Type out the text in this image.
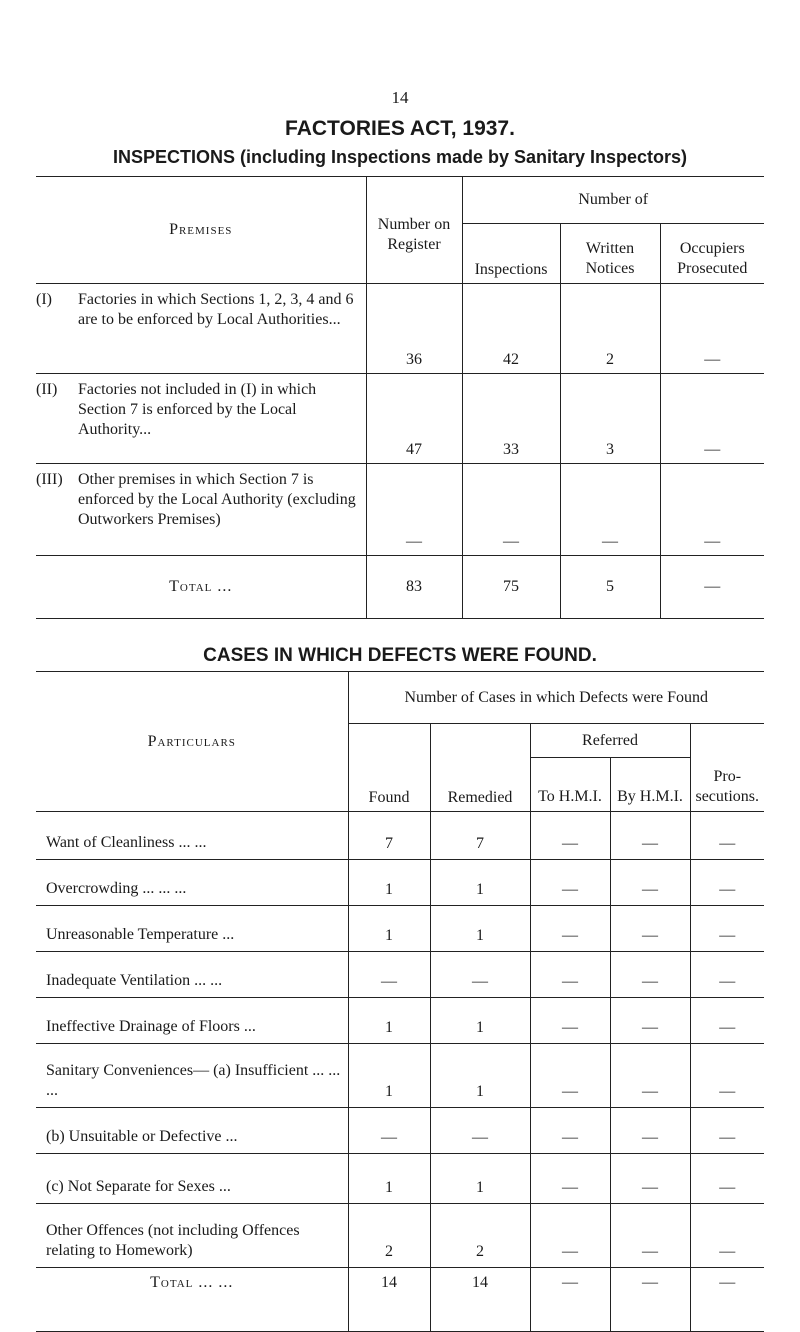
14
FACTORIES ACT, 1937.
INSPECTIONS (including Inspections made by Sanitary Inspectors)
Premises	Number on Register	Number of		
		Inspections	Written Notices	Occupiers Prosecuted
(I) Factories in which Sections 1, 2, 3, 4 and 6 are to be enforced by Local Authorities...	36	42	2	—
(II) Factories not included in (I) in which Section 7 is enforced by the Local Authority...	47	33	3	—
(III) Other premises in which Section 7 is enforced by the Local Authority (excluding Outworkers Premises)	—	—	—	—
Total ...	83	75	5	—
CASES IN WHICH DEFECTS WERE FOUND.
Particulars	Number of Cases in which Defects were Found				
	Found	Remedied	Referred		Pro- secutions.
			To H.M.I.	By H.M.I.	
Want of Cleanliness ... ...	7	7	—	—	—
Overcrowding ... ... ...	1	1	—	—	—
Unreasonable Temperature ...	1	1	—	—	—
Inadequate Ventilation ... ...	—	—	—	—	—
Ineffective Drainage of Floors ...	1	1	—	—	—
Sanitary Conveniences— (a) Insufficient ... ... ...	1	1	—	—	—
(b) Unsuitable or Defective ...	—	—	—	—	—
(c) Not Separate for Sexes ...	1	1	—	—	—
Other Offences (not including Offences relating to Homework)	2	2	—	—	—
Total ... ...	14	14	—	—	—
